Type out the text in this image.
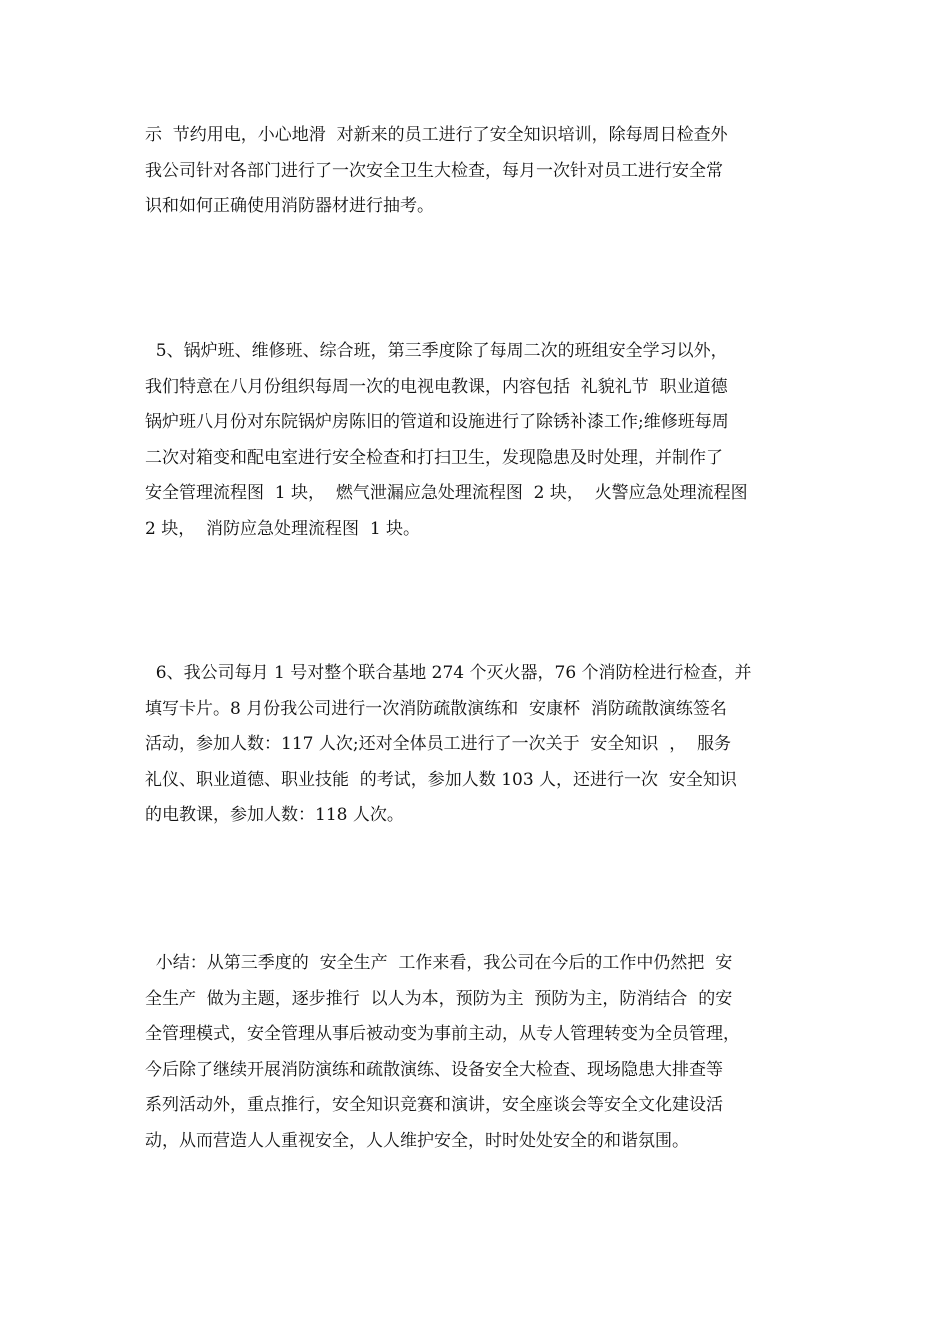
示  节约用电，小心地滑  对新来的员工进行了安全知识培训，除每周日检查外
我公司针对各部门进行了一次安全卫生大检查，每月一次针对员工进行安全常
识和如何正确使用消防器材进行抽考。
5、锅炉班、维修班、综合班，第三季度除了每周二次的班组安全学习以外，
我们特意在八月份组织每周一次的电视电教课，内容包括  礼貌礼节  职业道德
锅炉班八月份对东院锅炉房陈旧的管道和设施进行了除锈补漆工作;维修班每周
二次对箱变和配电室进行安全检查和打扫卫生，发现隐患及时处理，并制作了
安全管理流程图  1 块，  燃气泄漏应急处理流程图  2 块，  火警应急处理流程图
2 块，  消防应急处理流程图  1 块。
6、我公司每月 1 号对整个联合基地 274 个灭火器，76 个消防栓进行检查，并
填写卡片。8 月份我公司进行一次消防疏散演练和  安康杯  消防疏散演练签名
活动，参加人数：117 人次;还对全体员工进行了一次关于  安全知识  ，  服务
礼仪、职业道德、职业技能  的考试，参加人数 103 人，还进行一次  安全知识
的电教课，参加人数：118 人次。
小结：从第三季度的  安全生产  工作来看，我公司在今后的工作中仍然把  安
全生产  做为主题，逐步推行  以人为本，预防为主  预防为主，防消结合  的安
全管理模式，安全管理从事后被动变为事前主动，从专人管理转变为全员管理，
今后除了继续开展消防演练和疏散演练、设备安全大检查、现场隐患大排查等
系列活动外，重点推行，安全知识竞赛和演讲，安全座谈会等安全文化建设活
动，从而营造人人重视安全，人人维护安全，时时处处安全的和谐氛围。
